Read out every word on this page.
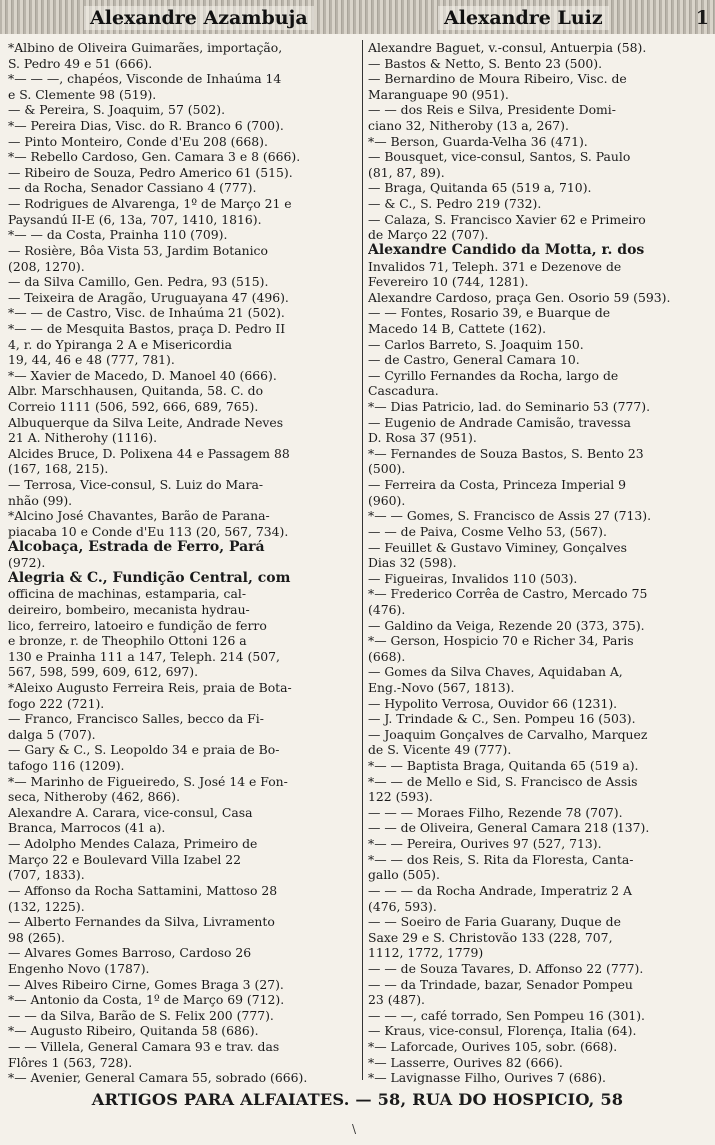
Alexandre Azambuja	Alexandre Luiz	1
*Albino de Oliveira Guimarães, importação,
S. Pedro 49 e 51 (666).
*— — —, chapéos, Visconde de Inhaúma 14
e S. Clemente 98 (519).
— & Pereira, S. Joaquim, 57 (502).
*— Pereira Dias, Visc. do R. Branco 6 (700).
— Pinto Monteiro, Conde d'Eu 208 (668).
*— Rebello Cardoso, Gen. Camara 3 e 8 (666).
— Ribeiro de Souza, Pedro Americo 61 (515).
— da Rocha, Senador Cassiano 4 (777).
— Rodrigues de Alvarenga, 1º de Março 21 e
Paysandú II-E (6, 13a, 707, 1410, 1816).
*— — da Costa, Prainha 110 (709).
— Rosière, Bôa Vista 53, Jardim Botanico
(208, 1270).
— da Silva Camillo, Gen. Pedra, 93 (515).
— Teixeira de Aragão, Uruguayana 47 (496).
*— — de Castro, Visc. de Inhaúma 21 (502).
*— — de Mesquita Bastos, praça D. Pedro II
4, r. do Ypiranga 2 A e Misericordia
19, 44, 46 e 48 (777, 781).
*— Xavier de Macedo, D. Manoel 40 (666).
Albr. Marschhausen, Quitanda, 58. C. do
Correio 1111 (506, 592, 666, 689, 765).
Albuquerque da Silva Leite, Andrade Neves
21 A. Nitherohy (1116).
Alcides Bruce, D. Polixena 44 e Passagem 88
(167, 168, 215).
— Terrosa, Vice-consul, S. Luiz do Mara-
nhão (99).
*Alcino José Chavantes, Barão de Parana-
piacaba 10 e Conde d'Eu 113 (20, 567, 734).
Alcobaça, Estrada de Ferro, Pará
(972).
Alegria & C., Fundição Central, com
officina de machinas, estamparia, cal-
deireiro, bombeiro, mecanista hydrau-
lico, ferreiro, latoeiro e fundição de ferro
e bronze, r. de Theophilo Ottoni 126 a
130 e Prainha 111 a 147, Teleph. 214 (507,
567, 598, 599, 609, 612, 697).
*Aleixo Augusto Ferreira Reis, praia de Bota-
fogo 222 (721).
— Franco, Francisco Salles, becco da Fi-
dalga 5 (707).
— Gary & C., S. Leopoldo 34 e praia de Bo-
tafogo 116 (1209).
*— Marinho de Figueiredo, S. José 14 e Fon-
seca, Nitheroby (462, 866).
Alexandre A. Carara, vice-consul, Casa
Branca, Marrocos (41 a).
— Adolpho Mendes Calaza, Primeiro de
Março 22 e Boulevard Villa Izabel 22
(707, 1833).
— Affonso da Rocha Sattamini, Mattoso 28
(132, 1225).
— Alberto Fernandes da Silva, Livramento
98 (265).
— Alvares Gomes Barroso, Cardoso 26
Engenho Novo (1787).
— Alves Ribeiro Cirne, Gomes Braga 3 (27).
*— Antonio da Costa, 1º de Março 69 (712).
— — da Silva, Barão de S. Felix 200 (777).
*— Augusto Ribeiro, Quitanda 58 (686).
— — Villela, General Camara 93 e trav. das
Flôres 1 (563, 728).
*— Avenier, General Camara 55, sobrado (666).
Alexandre Baguet, v.-consul, Antuerpia (58).
— Bastos & Netto, S. Bento 23 (500).
— Bernardino de Moura Ribeiro, Visc. de
Maranguape 90 (951).
— — dos Reis e Silva, Presidente Domi-
ciano 32, Nitheroby (13 a, 267).
*— Berson, Guarda-Velha 36 (471).
— Bousquet, vice-consul, Santos, S. Paulo
(81, 87, 89).
— Braga, Quitanda 65 (519 a, 710).
— & C., S. Pedro 219 (732).
— Calaza, S. Francisco Xavier 62 e Primeiro
de Março 22 (707).
Alexandre Candido da Motta, r. dos
Invalidos 71, Teleph. 371 e Dezenove de
Fevereiro 10 (744, 1281).
Alexandre Cardoso, praça Gen. Osorio 59 (593).
— — Fontes, Rosario 39, e Buarque de
Macedo 14 B, Cattete (162).
— Carlos Barreto, S. Joaquim 150.
— de Castro, General Camara 10.
— Cyrillo Fernandes da Rocha, largo de
Cascadura.
*— Dias Patricio, lad. do Seminario 53 (777).
— Eugenio de Andrade Camisão, travessa
D. Rosa 37 (951).
*— Fernandes de Souza Bastos, S. Bento 23
(500).
— Ferreira da Costa, Princeza Imperial 9
(960).
*— — Gomes, S. Francisco de Assis 27 (713).
— — de Paiva, Cosme Velho 53, (567).
— Feuillet & Gustavo Viminey, Gonçalves
Dias 32 (598).
— Figueiras, Invalidos 110 (503).
*— Frederico Corrêa de Castro, Mercado 75
(476).
— Galdino da Veiga, Rezende 20 (373, 375).
*— Gerson, Hospicio 70 e Richer 34, Paris
(668).
— Gomes da Silva Chaves, Aquidaban A,
Eng.-Novo (567, 1813).
— Hypolito Verrosa, Ouvidor 66 (1231).
— J. Trindade & C., Sen. Pompeu 16 (503).
— Joaquim Gonçalves de Carvalho, Marquez
de S. Vicente 49 (777).
*— — Baptista Braga, Quitanda 65 (519 a).
*— — de Mello e Sid, S. Francisco de Assis
122 (593).
— — — Moraes Filho, Rezende 78 (707).
— — de Oliveira, General Camara 218 (137).
*— — Pereira, Ourives 97 (527, 713).
*— — dos Reis, S. Rita da Floresta, Canta-
gallo (505).
— — — da Rocha Andrade, Imperatriz 2 A
(476, 593).
— — Soeiro de Faria Guarany, Duque de
Saxe 29 e S. Christovão 133 (228, 707,
1112, 1772, 1779)
— — de Souza Tavares, D. Affonso 22 (777).
— — da Trindade, bazar, Senador Pompeu
23 (487).
— — —, café torrado, Sen Pompeu 16 (301).
— Kraus, vice-consul, Florença, Italia (64).
*— Laforcade, Ourives 105, sobr. (668).
*— Lasserre, Ourives 82 (666).
*— Lavignasse Filho, Ourives 7 (686).
ARTIGOS PARA ALFAIATES. — 58, RUA DO HOSPICIO, 58
\
